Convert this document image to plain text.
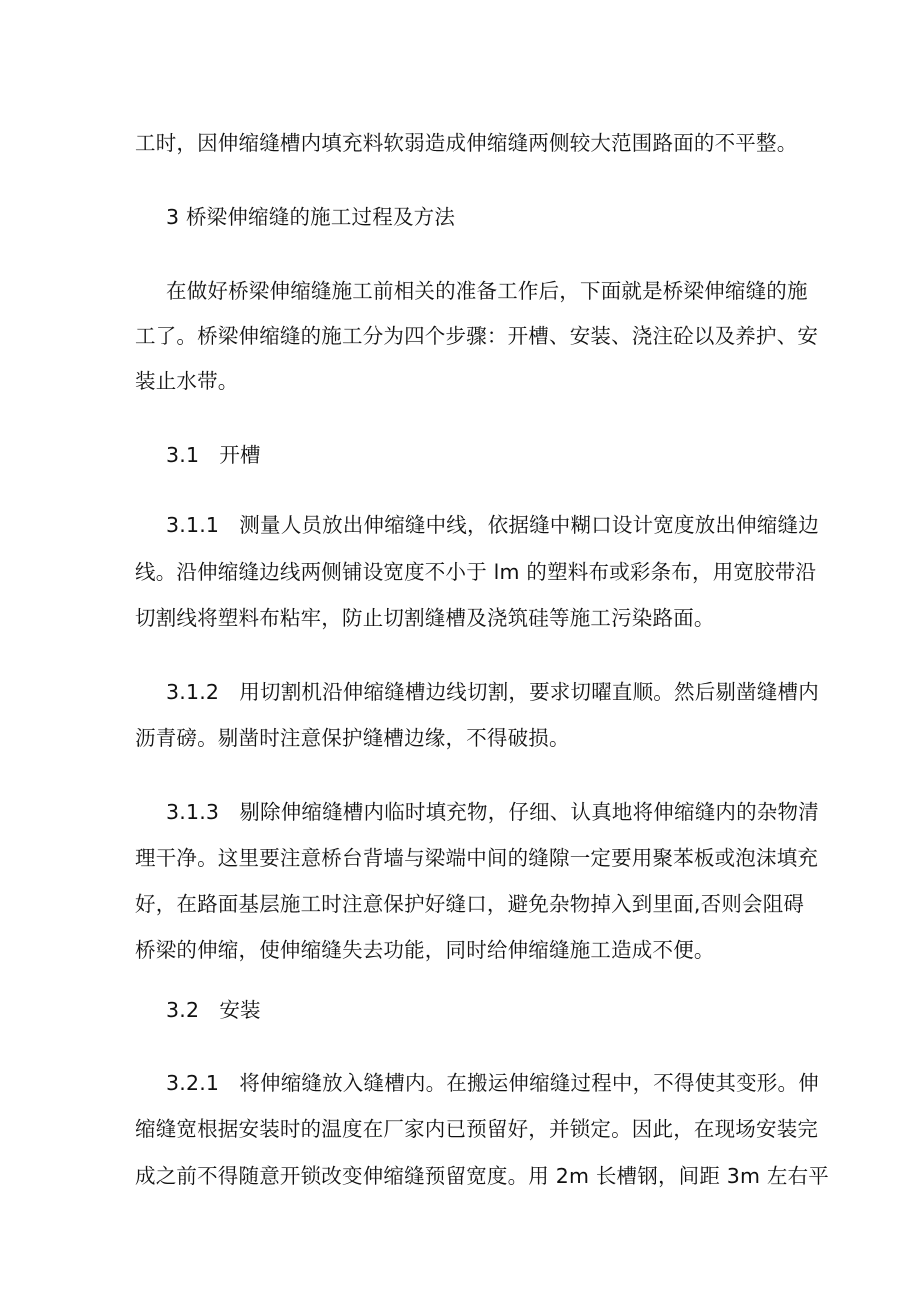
工时，因伸缩缝槽内填充料软弱造成伸缩缝两侧较大范围路面的不平整。
3 桥梁伸缩缝的施工过程及方法
在做好桥梁伸缩缝施工前相关的准备工作后，下面就是桥梁伸缩缝的施
工了。桥梁伸缩缝的施工分为四个步骤：开槽、安装、浇注砼以及养护、安
装止水带。
3.1   开槽
3.1.1   测量人员放出伸缩缝中线，依据缝中糊口设计宽度放出伸缩缝边
线。沿伸缩缝边线两侧铺设宽度不小于 lm 的塑料布或彩条布，用宽胶带沿
切割线将塑料布粘牢，防止切割缝槽及浇筑硅等施工污染路面。
3.1.2   用切割机沿伸缩缝槽边线切割，要求切曜直顺。然后剔凿缝槽内
沥青磅。剔凿时注意保护缝槽边缘，不得破损。
3.1.3   剔除伸缩缝槽内临时填充物，仔细、认真地将伸缩缝内的杂物清
理干净。这里要注意桥台背墙与梁端中间的缝隙一定要用聚苯板或泡沫填充
好，在路面基层施工时注意保护好缝口，避免杂物掉入到里面,否则会阻碍
桥梁的伸缩，使伸缩缝失去功能，同时给伸缩缝施工造成不便。
3.2   安装
3.2.1   将伸缩缝放入缝槽内。在搬运伸缩缝过程中，不得使其变形。伸
缩缝宽根据安装时的温度在厂家内已预留好，并锁定。因此，在现场安装完
成之前不得随意开锁改变伸缩缝预留宽度。用 2m 长槽钢，间距 3m 左右平
